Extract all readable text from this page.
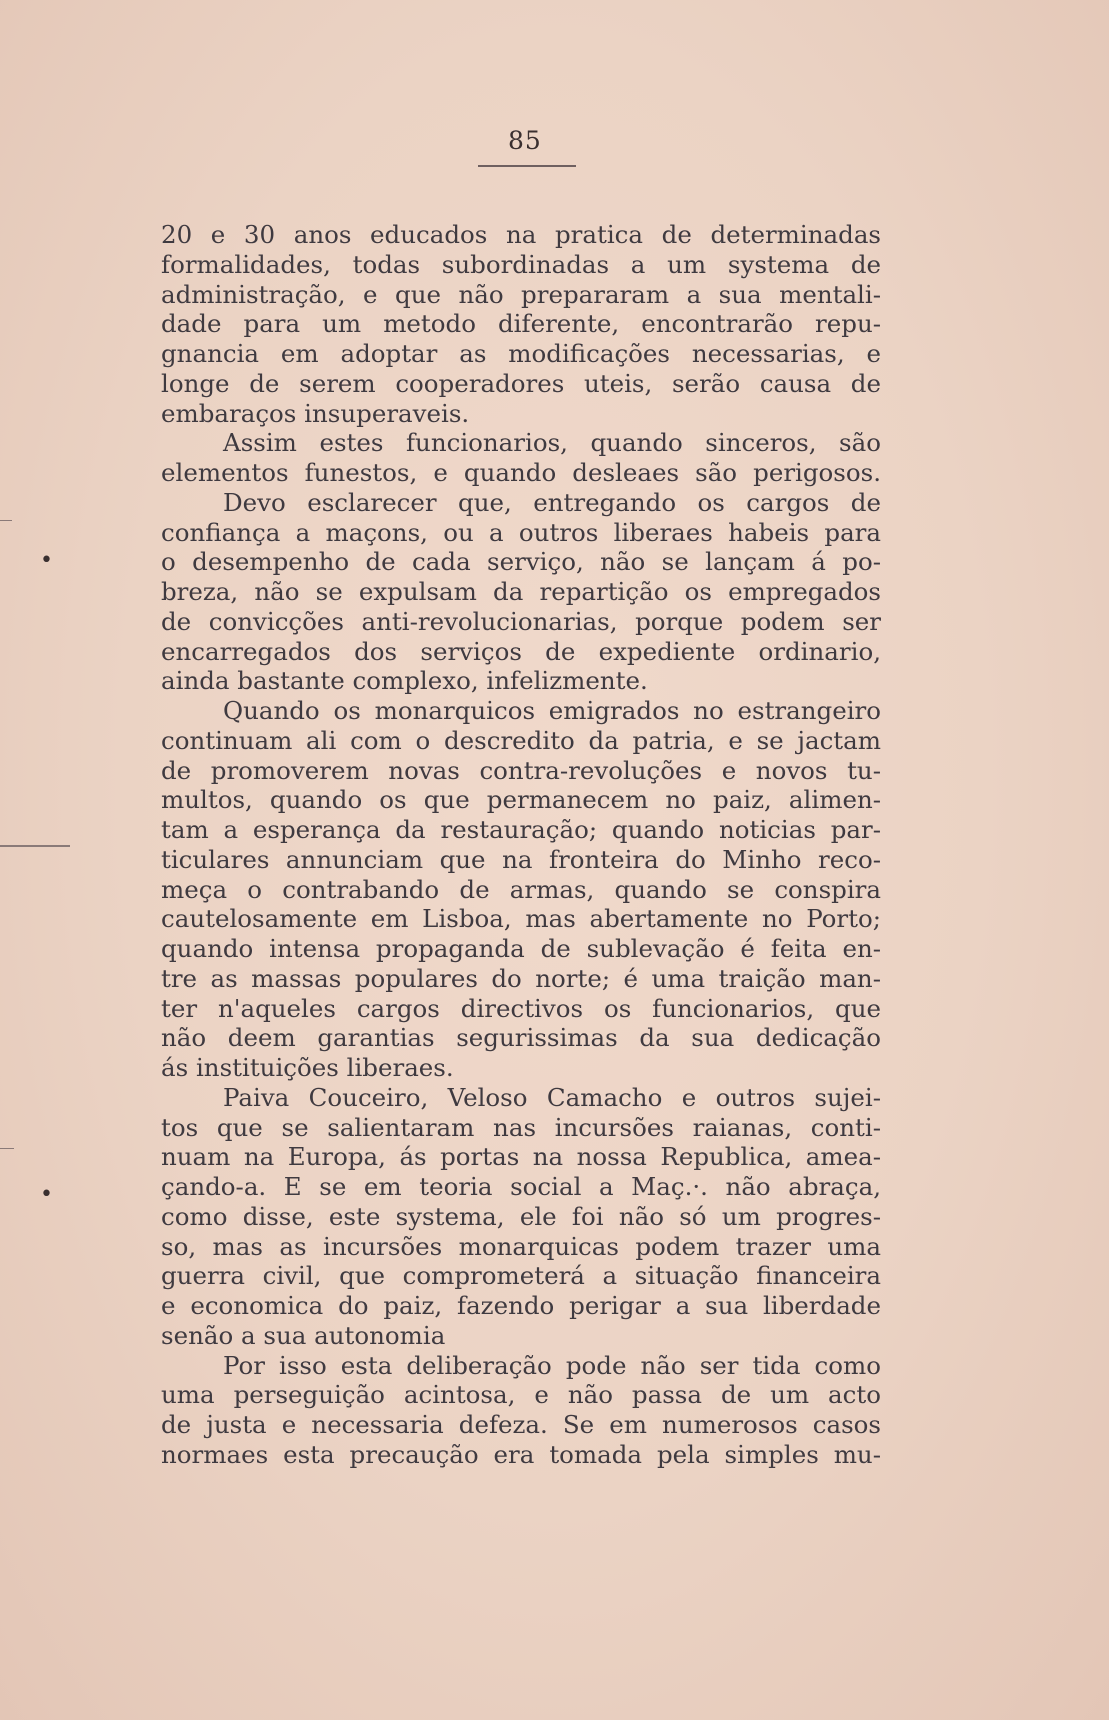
85
20 e 30 anos educados na pratica de determinadas
formalidades, todas subordinadas a um systema de
administração, e que não prepararam a sua mentali-
dade para um metodo diferente, encontrarão repu-
gnancia em adoptar as modificações necessarias, e
longe de serem cooperadores uteis, serão causa de
embaraços insuperaveis.
Assim estes funcionarios, quando sinceros, são
elementos funestos, e quando desleaes são perigosos.
Devo esclarecer que, entregando os cargos de
confiança a maçons, ou a outros liberaes habeis para
o desempenho de cada serviço, não se lançam á po-
breza, não se expulsam da repartição os empregados
de convicções anti-revolucionarias, porque podem ser
encarregados dos serviços de expediente ordinario,
ainda bastante complexo, infelizmente.
Quando os monarquicos emigrados no estrangeiro
continuam ali com o descredito da patria, e se jactam
de promoverem novas contra-revoluções e novos tu-
multos, quando os que permanecem no paiz, alimen-
tam a esperança da restauração; quando noticias par-
ticulares annunciam que na fronteira do Minho reco-
meça o contrabando de armas, quando se conspira
cautelosamente em Lisboa, mas abertamente no Porto;
quando intensa propaganda de sublevação é feita en-
tre as massas populares do norte; é uma traição man-
ter n'aqueles cargos directivos os funcionarios, que
não deem garantias segurissimas da sua dedicação
ás instituições liberaes.
Paiva Couceiro, Veloso Camacho e outros sujei-
tos que se salientaram nas incursões raianas, conti-
nuam na Europa, ás portas na nossa Republica, amea-
çando-a. E se em teoria social a Maç.·. não abraça,
como disse, este systema, ele foi não só um progres-
so, mas as incursões monarquicas podem trazer uma
guerra civil, que comprometerá a situação financeira
e economica do paiz, fazendo perigar a sua liberdade
senão a sua autonomia
Por isso esta deliberação pode não ser tida como
uma perseguição acintosa, e não passa de um acto
de justa e necessaria defeza. Se em numerosos casos
normaes esta precaução era tomada pela simples mu-
•
•
